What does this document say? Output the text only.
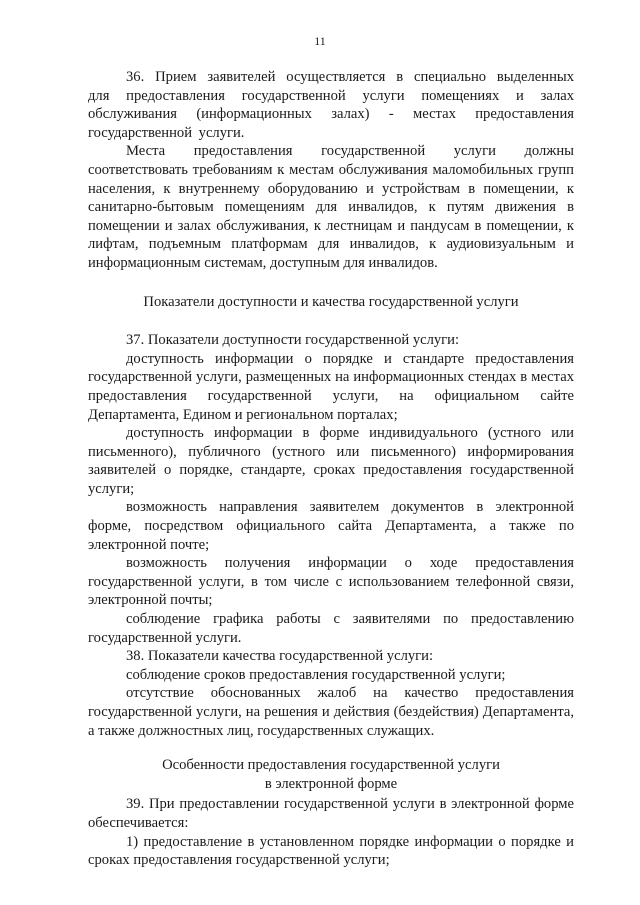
11

36. Прием заявителей осуществляется в специально выделенных для предоставления государственной услуги помещениях и залах обслуживания (информационных залах) - местах предоставления государственной услуги.

Места предоставления государственной услуги должны соответствовать требованиям к местам обслуживания маломобильных групп населения, к внутреннему оборудованию и устройствам в помещении, к санитарно-бытовым помещениям для инвалидов, к путям движения в помещении и залах обслуживания, к лестницам и пандусам в помещении, к лифтам, подъемным платформам для инвалидов, к аудиовизуальным и информационным системам, доступным для инвалидов.

Показатели доступности и качества государственной услуги

37. Показатели доступности государственной услуги:

доступность информации о порядке и стандарте предоставления государственной услуги, размещенных на информационных стендах в местах предоставления государственной услуги, на официальном сайте Департамента, Едином и региональном порталах;

доступность информации в форме индивидуального (устного или письменного), публичного (устного или письменного) информирования заявителей о порядке, стандарте, сроках предоставления государственной услуги;

возможность направления заявителем документов в электронной форме, посредством официального сайта Департамента, а также по электронной почте;

возможность получения информации о ходе предоставления государственной услуги, в том числе с использованием телефонной связи, электронной почты;

соблюдение графика работы с заявителями по предоставлению государственной услуги.

38. Показатели качества государственной услуги:

соблюдение сроков предоставления государственной услуги;

отсутствие обоснованных жалоб на качество предоставления государственной услуги, на решения и действия (бездействия) Департамента, а также должностных лиц, государственных служащих.

Особенности предоставления государственной услуги

в электронной форме

39. При предоставлении государственной услуги в электронной форме обеспечивается:

1) предоставление в установленном порядке информации о порядке и сроках предоставления государственной услуги;
